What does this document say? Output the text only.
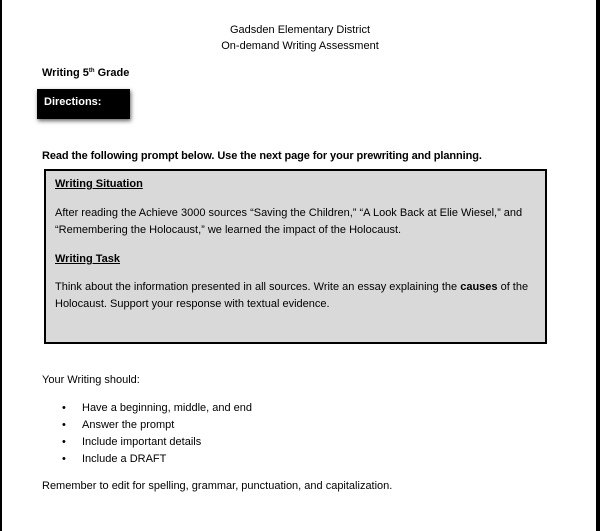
Gadsden Elementary District
On-demand Writing Assessment
Writing 5th Grade
Directions:
Read the following prompt below. Use the next page for your prewriting and planning.
Writing Situation
After reading the Achieve 3000 sources “Saving the Children,” “A Look Back at Elie Wiesel,” and “Remembering the Holocaust,” we learned the impact of the Holocaust.
Writing Task
Think about the information presented in all sources. Write an essay explaining the causes of the Holocaust. Support your response with textual evidence.
Your Writing should:
• Have a beginning, middle, and end
• Answer the prompt
• Include important details
• Include a DRAFT
Remember to edit for spelling, grammar, punctuation, and capitalization.
